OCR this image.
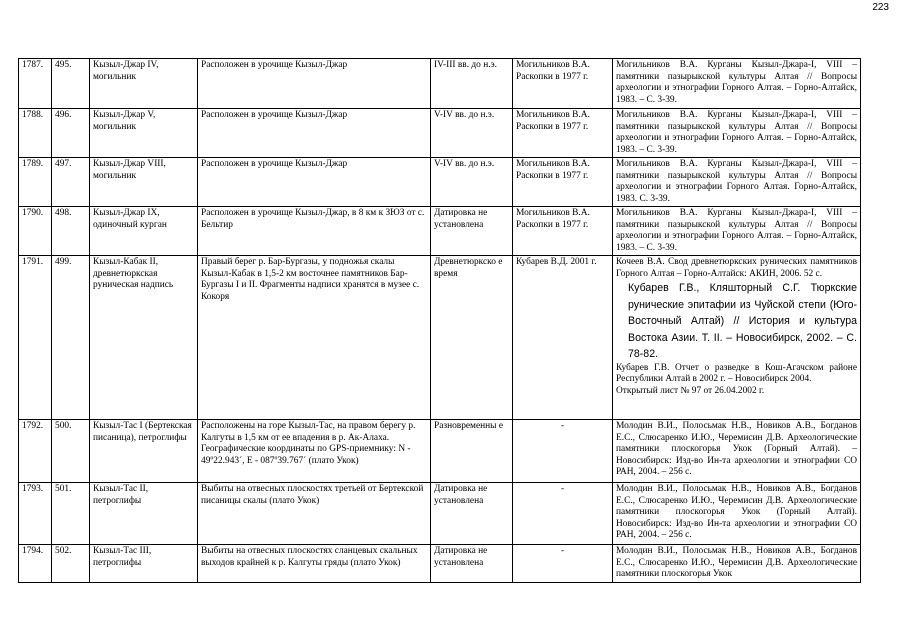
223
1787.	495.	Кызыл-Джар IV, могильник	Расположен в урочище Кызыл-Джар	IV-III вв. до н.э.	Могильников В.А. Раскопки в 1977 г.	Могильников В.А. Курганы Кызыл-Джара-I, VIII – памятники пазырыкской культуры Алтая // Вопросы археологии и этнографии Горного Алтая. – Горно-Алтайск, 1983. – С. 3-39.

1788.	496.	Кызыл-Джар V, могильник	Расположен в урочище Кызыл-Джар	V-IV вв. до н.э.	Могильников В.А. Раскопки в 1977 г.	Могильников В.А. Курганы Кызыл-Джара-I, VIII – памятники пазырыкской культуры Алтая // Вопросы археологии и этнографии Горного Алтая. – Горно-Алтайск, 1983. – С. 3-39.

1789.	497.	Кызыл-Джар VIII, могильник	Расположен в урочище Кызыл-Джар	V-IV вв. до н.э.	Могильников В.А. Раскопки в 1977 г.	Могильников В.А. Курганы Кызыл-Джара-I, VIII – памятники пазырыкской культуры Алтая // Вопросы археологии и этнографии Горного Алтая. Горно-Алтайск, 1983. С. 3-39.

1790.	498.	Кызыл-Джар IX, одиночный курган	Расположен в урочище Кызыл-Джар, в 8 км к ЗЮЗ от с. Бельтир	Датировка не установлена	Могильников В.А. Раскопки в 1977 г.	Могильников В.А. Курганы Кызыл-Джара-I, VIII – памятники пазырыкской культуры Алтая // Вопросы археологии и этнографии Горного Алтая. – Горно-Алтайск, 1983. – С. 3-39.

1791.	499.	Кызыл-Кабак II, древнетюркская руническая надпись	Правый берег р. Бар-Бургазы, у подножья скалы Кызыл-Кабак в 1,5-2 км восточнее памятников Бар-Бургазы I и II. Фрагменты надписи хранятся в музее с. Кокоря	Древнетюркско е время	Кубарев В.Д. 2001 г.	Кочеев В.А. Свод древнетюркских рунических памятников Горного Алтая – Горно-Алтайск: АКИН, 2006. 52 с.
Кубарев Г.В., Кляшторный С.Г. Тюркские рунические эпитафии из Чуйской степи (Юго-Восточный Алтай) // История и культура Востока Азии. Т. II. – Новосибирск, 2002. – С. 78-82.
Кубарев Г.В. Отчет о разведке в Кош-Агачском районе Республики Алтай в 2002 г. – Новосибирск 2004.
Открытый лист № 97 от 26.04.2002 г.

1792.	500.	Кызыл-Тас I (Бертекская писаница), петроглифы	Расположены на горе Кызыл-Тас, на правом берегу р. Калгуты в 1,5 км от ее впадения в р. Ак-Алаха. Географические координаты по GPS-приемнику: N - 49º22.943´, E - 087º39.767´ (плато Укок)	Разновременны е	-	Молодин В.И., Полосьмак Н.В., Новиков А.В., Богданов Е.С., Слюсаренко И.Ю., Черемисин Д.В. Археологические памятники плоскогорья Укок (Горный Алтай). – Новосибирск: Изд-во Ин-та археологии и этнографии СО РАН, 2004. – 256 с.

1793.	501.	Кызыл-Тас II, петроглифы	Выбиты на отвесных плоскостях третьей от Бертекской писаницы скалы (плато Укок)	Датировка не установлена	-	Молодин В.И., Полосьмак Н.В., Новиков А.В., Богданов Е.С., Слюсаренко И.Ю., Черемисин Д.В. Археологические памятники плоскогорья Укок (Горный Алтай). Новосибирск: Изд-во Ин-та археологии и этнографии СО РАН, 2004. – 256 с.

1794.	502.	Кызыл-Тас III, петроглифы	Выбиты на отвесных плоскостях сланцевых скальных выходов крайней к р. Калгуты гряды (плато Укок)	Датировка не установлена	-	Молодин В.И., Полосьмак Н.В., Новиков А.В., Богданов Е.С., Слюсаренко И.Ю., Черемисин Д.В. Археологические памятники плоскогорья Укок
